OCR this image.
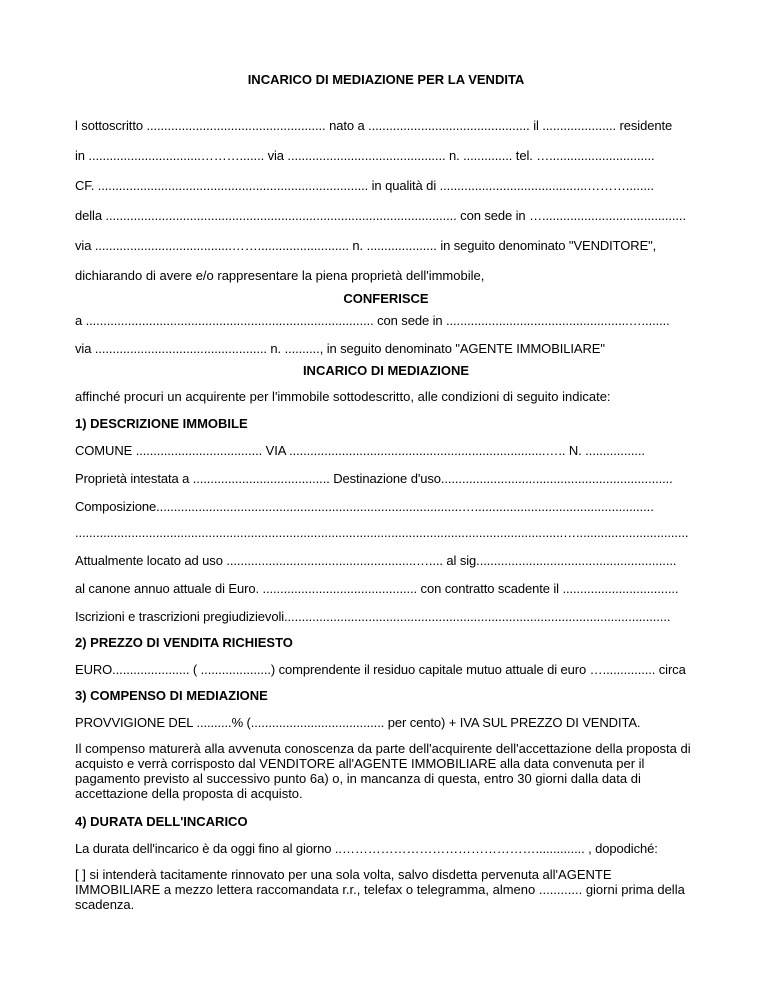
INCARICO DI MEDIAZIONE PER LA VENDITA
l sottoscritto ................................................... nato a .............................................. il ..................... residente
in ................................………....... via ............................................. n. .............. tel. …..............................
CF. ............................................................................. in qualità di ..........................................………........
della .................................................................................................... con sede in ….........................................
via .......................................…….......................... n. .................... in seguito denominato "VENDITORE",
dichiarando di avere e/o rappresentare la piena proprietà dell'immobile,
CONFERISCE
a .................................................................................. con sede in ....................................................…........
via ................................................. n. .........., in seguito denominato "AGENTE IMMOBILIARE"
INCARICO DI MEDIAZIONE
affinché procuri un acquirente per l'immobile sottodescritto, alle condizioni di seguito indicate:
1) DESCRIZIONE IMMOBILE
COMUNE .................................... VIA .........................................................................….. N. .................
Proprietà intestata a ....................................... Destinazione d'uso..................................................................
Composizione.......................................................................................…...................................................
...........................................................................................................................................…................................
Attualmente locato ad uso ......................................................….... al sig.........................................................
al canone annuo attuale di Euro. ............................................ con contratto scadente il .................................
Iscrizioni e trascrizioni pregiudizievoli..............................................................................................................
2) PREZZO DI VENDITA RICHIESTO
EURO...................... ( ....................) comprendente il residuo capitale mutuo attuale di euro …............... circa
3) COMPENSO DI MEDIAZIONE
PROVVIGIONE DEL ..........% (...................................... per cento) + IVA SUL PREZZO DI VENDITA.
Il compenso maturerà alla avvenuta conoscenza da parte dell'acquirente dell'accettazione della proposta di acquisto e verrà corrisposto dal VENDITORE all'AGENTE IMMOBILIARE alla data convenuta per il pagamento previsto al successivo punto 6a) o, in mancanza di questa, entro 30 giorni dalla data di accettazione della proposta di acquisto.
4) DURATA DELL'INCARICO
La durata dell'incarico è da oggi fino al giorno ..……………………………………….............. , dopodiché:
[ ] si intenderà tacitamente rinnovato per una sola volta, salvo disdetta pervenuta all'AGENTE IMMOBILIARE a mezzo lettera raccomandata r.r., telefax o telegramma, almeno ............ giorni prima della scadenza.
